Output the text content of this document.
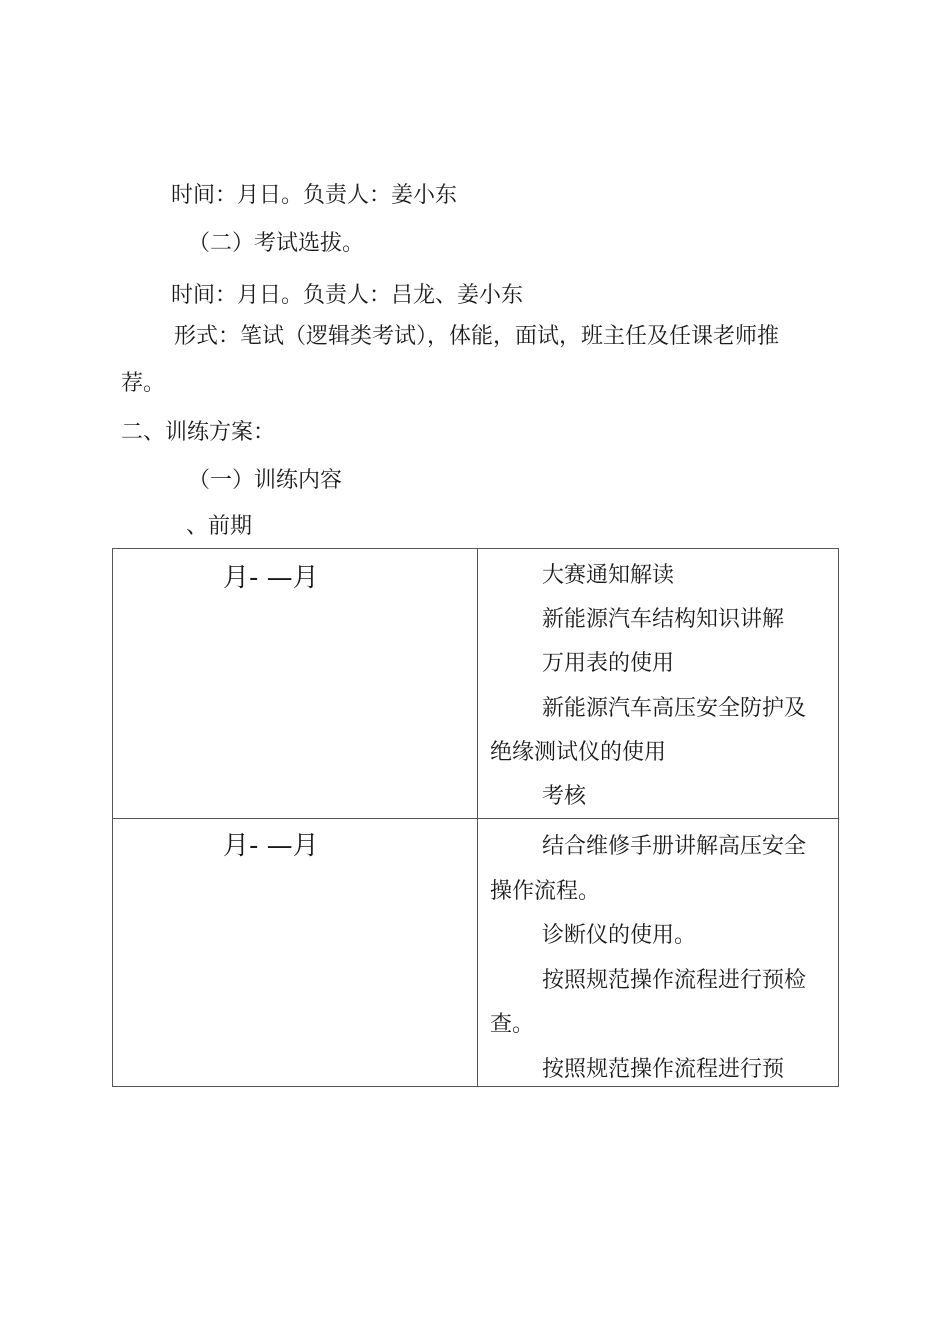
时间：月日。负责人：姜小东
（二）考试选拔。
时间：月日。负责人：吕龙、姜小东
形式：笔试（逻辑类考试），体能，面试，班主任及任课老师推
荐。
二、训练方案：
（一）训练内容
、前期
月- —月	大赛通知解读
新能源汽车结构知识讲解
万用表的使用
新能源汽车高压安全防护及
绝缘测试仪的使用
考核
月- —月	结合维修手册讲解高压安全
操作流程。
诊断仪的使用。
按照规范操作流程进行预检
查。
按照规范操作流程进行预
